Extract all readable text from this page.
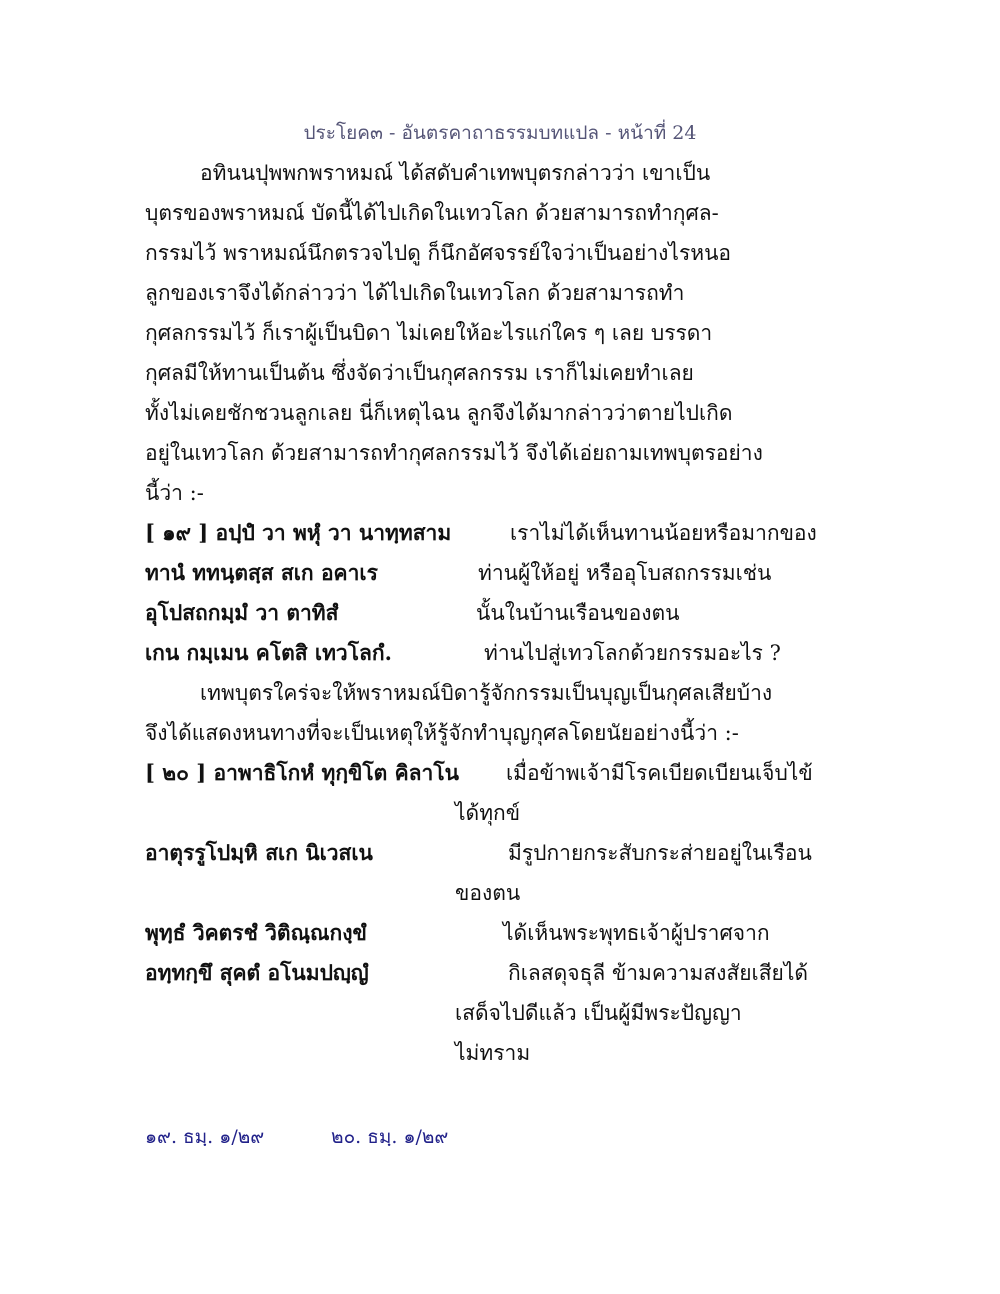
ประโยค๓ - อันตรคาถาธรรมบทแปล - หน้าที่ 24
อทินนปุพพกพราหมณ์ ได้สดับคำเทพบุตรกล่าวว่า เขาเป็น
บุตรของพราหมณ์ บัดนี้ได้ไปเกิดในเทวโลก ด้วยสามารถทำกุศล-
กรรมไว้ พราหมณ์นึกตรวจไปดู ก็นึกอัศจรรย์ใจว่าเป็นอย่างไรหนอ
ลูกของเราจึงได้กล่าวว่า ได้ไปเกิดในเทวโลก ด้วยสามารถทำ
กุศลกรรมไว้ ก็เราผู้เป็นบิดา ไม่เคยให้อะไรแก่ใคร ๆ เลย บรรดา
กุศลมีให้ทานเป็นต้น ซึ่งจัดว่าเป็นกุศลกรรม เราก็ไม่เคยทำเลย
ทั้งไม่เคยชักชวนลูกเลย นี่ก็เหตุไฉน ลูกจึงได้มากล่าวว่าตายไปเกิด
อยู่ในเทวโลก ด้วยสามารถทำกุศลกรรมไว้ จึงได้เอ่ยถามเทพบุตรอย่าง
นี้ว่า :-
[ ๑๙ ] อปฺปํ วา พหุํ วา นาทฺทสาม	เราไม่ได้เห็นทานน้อยหรือมากของ
ทานํ ททนฺตสฺส สเก อคาเร	ท่านผู้ให้อยู่ หรืออุโบสถกรรมเช่น
อุโปสถกมฺมํ วา ตาทิสํ	นั้นในบ้านเรือนของตน
เกน กมฺเมน คโตสิ เทวโลกํ.	ท่านไปสู่เทวโลกด้วยกรรมอะไร ?
เทพบุตรใคร่จะให้พราหมณ์บิดารู้จักกรรมเป็นบุญเป็นกุศลเสียบ้าง
จึงได้แสดงหนทางที่จะเป็นเหตุให้รู้จักทำบุญกุศลโดยนัยอย่างนี้ว่า :-
[ ๒๐ ] อาพาธิโกหํ ทุกฺขิโต คิลาโน เมื่อข้าพเจ้ามีโรคเบียดเบียนเจ็บไข้
ได้ทุกข์
อาตุรรูโปมฺหิ สเก นิเวสเน	มีรูปกายกระสับกระส่ายอยู่ในเรือน
ของตน
พุทฺธํ วิคตรชํ วิติณฺณกงฺขํ	ได้เห็นพระพุทธเจ้าผู้ปราศจาก
อทฺทกฺขึ สุคตํ อโนมปญฺญํ	กิเลสดุจธุลี ข้ามความสงสัยเสียได้
เสด็จไปดีแล้ว เป็นผู้มีพระปัญญา
ไม่ทราม
๑๙. ธมฺ. ๑/๒๙	๒๐. ธมฺ. ๑/๒๙
